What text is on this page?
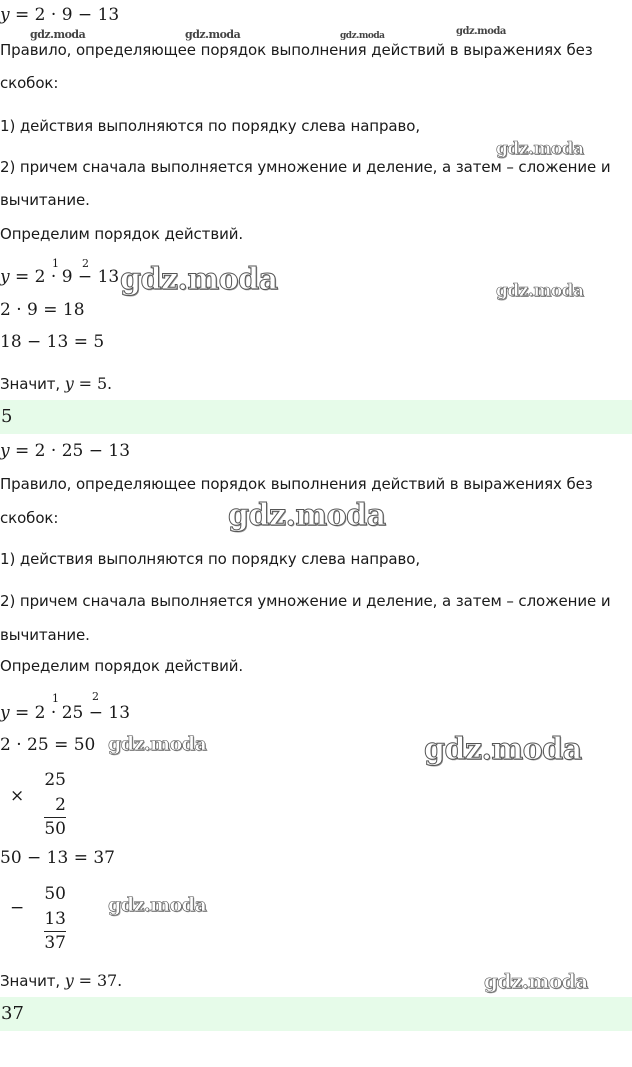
y = 2 · 9 − 13
gdz.moda	gdz.moda	gdz.moda	gdz.moda
Правило, определяющее порядок выполнения действий в выражениях без
скобок:
1) действия выполняются по порядку слева направо,
gdz.moda
2) причем сначала выполняется умножение и деление, а затем – сложение и
вычитание.
Определим порядок действий.
y = 2 · 9 − 13
1 2 gdz.moda	gdz.moda
2 · 9 = 18
18 − 13 = 5
Значит, y = 5.
5
y = 2 · 25 − 13
Правило, определяющее порядок выполнения действий в выражениях без
скобок:	gdz.moda
1) действия выполняются по порядку слева направо,
2) причем сначала выполняется умножение и деление, а затем – сложение и
вычитание.
Определим порядок действий.
y = 2 · 25 − 13
1	2
2 · 25 = 50 gdz.moda	gdz.moda
×
25
2
50
50 − 13 = 37
−
50
13
37
gdz.moda
Значит, y = 37.	gdz.moda
37
